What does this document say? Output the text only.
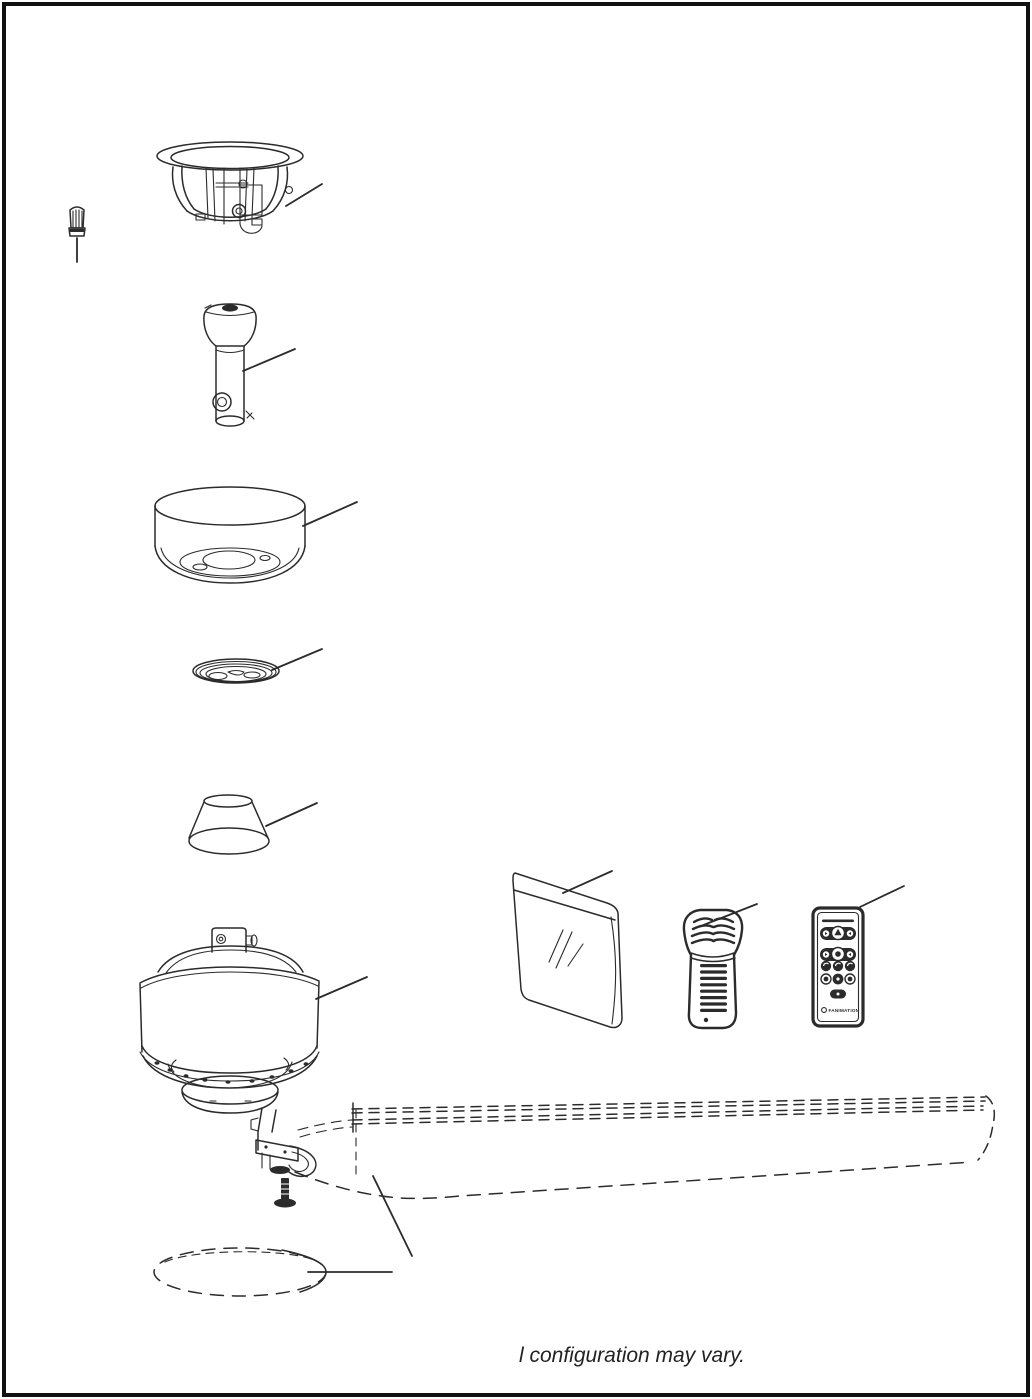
FANIMATION
l configuration may vary.
